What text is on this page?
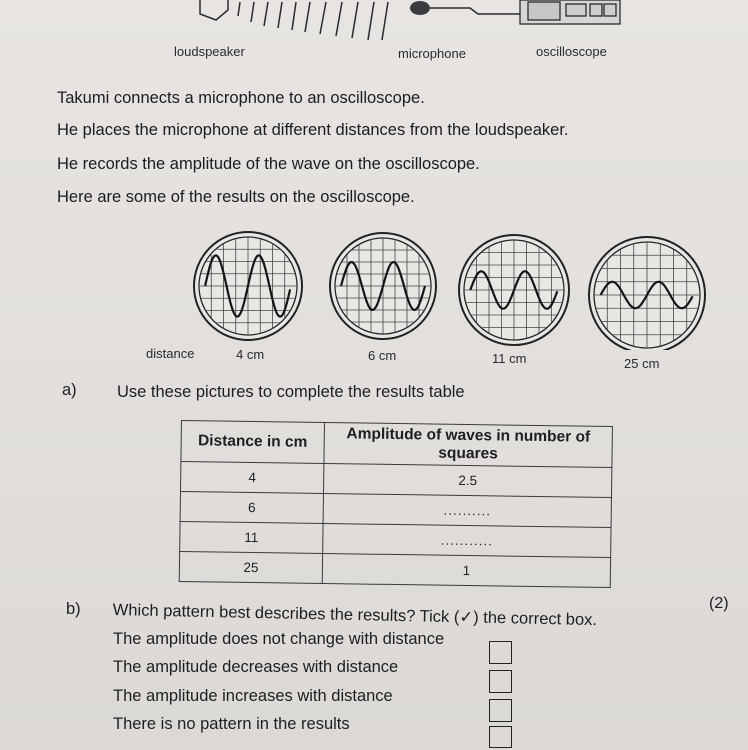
loudspeaker	microphone	oscilloscope
Takumi connects a microphone to an oscilloscope.
He places the microphone at different distances from the loudspeaker.
He records the amplitude of the wave on the oscilloscope.
Here are some of the results on the oscilloscope.
distance	4 cm	6 cm	11 cm	25 cm
a) Use these pictures to complete the results table
Distance in cm	Amplitude of waves in number of squares
4	2.5
6	..........
11	...........
25	1
b) Which pattern best describes the results? Tick (✓) the correct box.	(2)
The amplitude does not change with distance
The amplitude decreases with distance
The amplitude increases with distance
There is no pattern in the results
